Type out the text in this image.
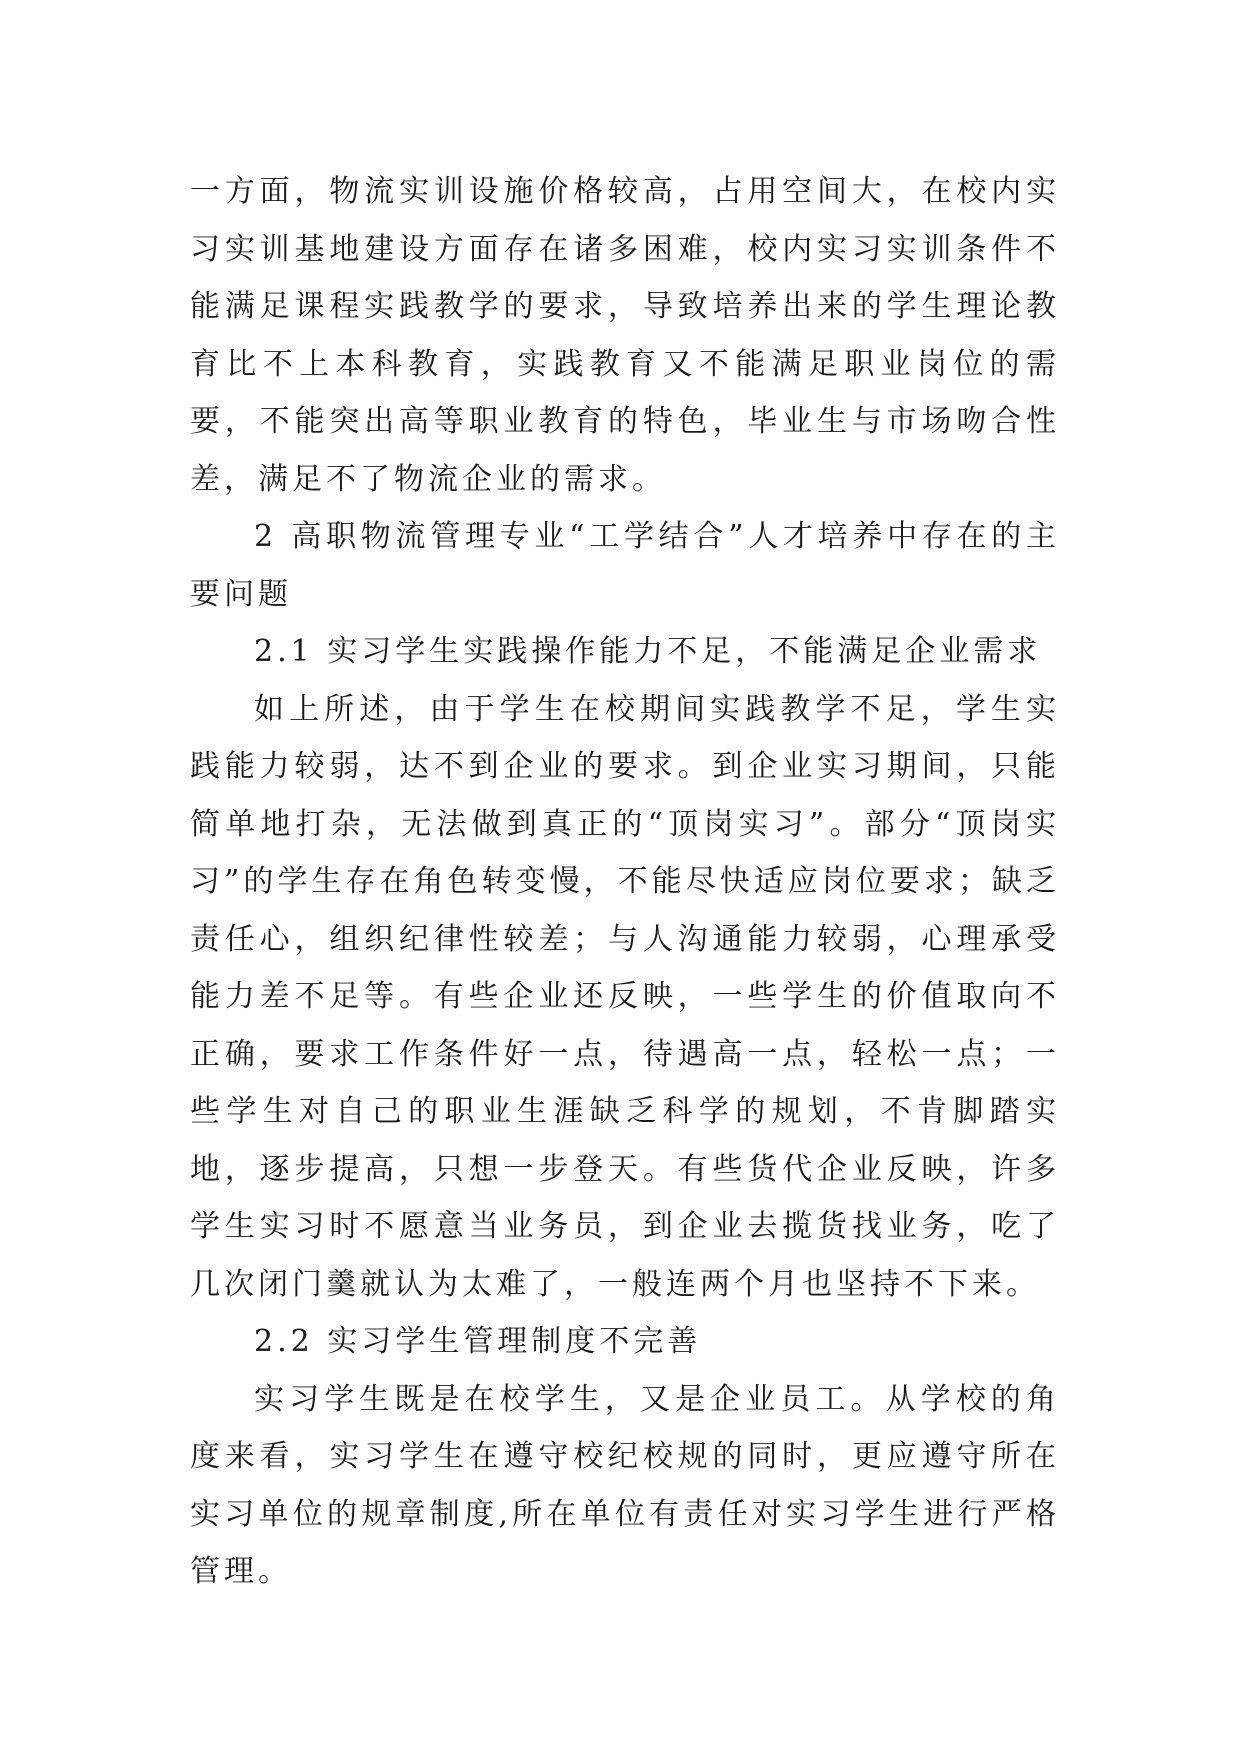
一方面，物流实训设施价格较高，占用空间大，在校内实习实训基地建设方面存在诸多困难，校内实习实训条件不能满足课程实践教学的要求，导致培养出来的学生理论教育比不上本科教育，实践教育又不能满足职业岗位的需要，不能突出高等职业教育的特色，毕业生与市场吻合性差，满足不了物流企业的需求。

2 高职物流管理专业“工学结合”人才培养中存在的主要问题
2.1 实习学生实践操作能力不足，不能满足企业需求

如上所述，由于学生在校期间实践教学不足，学生实践能力较弱，达不到企业的要求。到企业实习期间，只能简单地打杂，无法做到真正的“顶岗实习”。部分“顶岗实习”的学生存在角色转变慢，不能尽快适应岗位要求；缺乏责任心，组织纪律性较差；与人沟通能力较弱，心理承受能力差不足等。有些企业还反映，一些学生的价值取向不正确，要求工作条件好一点，待遇高一点，轻松一点；一些学生对自己的职业生涯缺乏科学的规划，不肯脚踏实地，逐步提高，只想一步登天。有些货代企业反映，许多学生实习时不愿意当业务员，到企业去揽货找业务，吃了几次闭门羹就认为太难了，一般连两个月也坚持不下来。

2.2 实习学生管理制度不完善

实习学生既是在校学生，又是企业员工。从学校的角度来看，实习学生在遵守校纪校规的同时，更应遵守所在实习单位的规章制度,所在单位有责任对实习学生进行严格管理。
